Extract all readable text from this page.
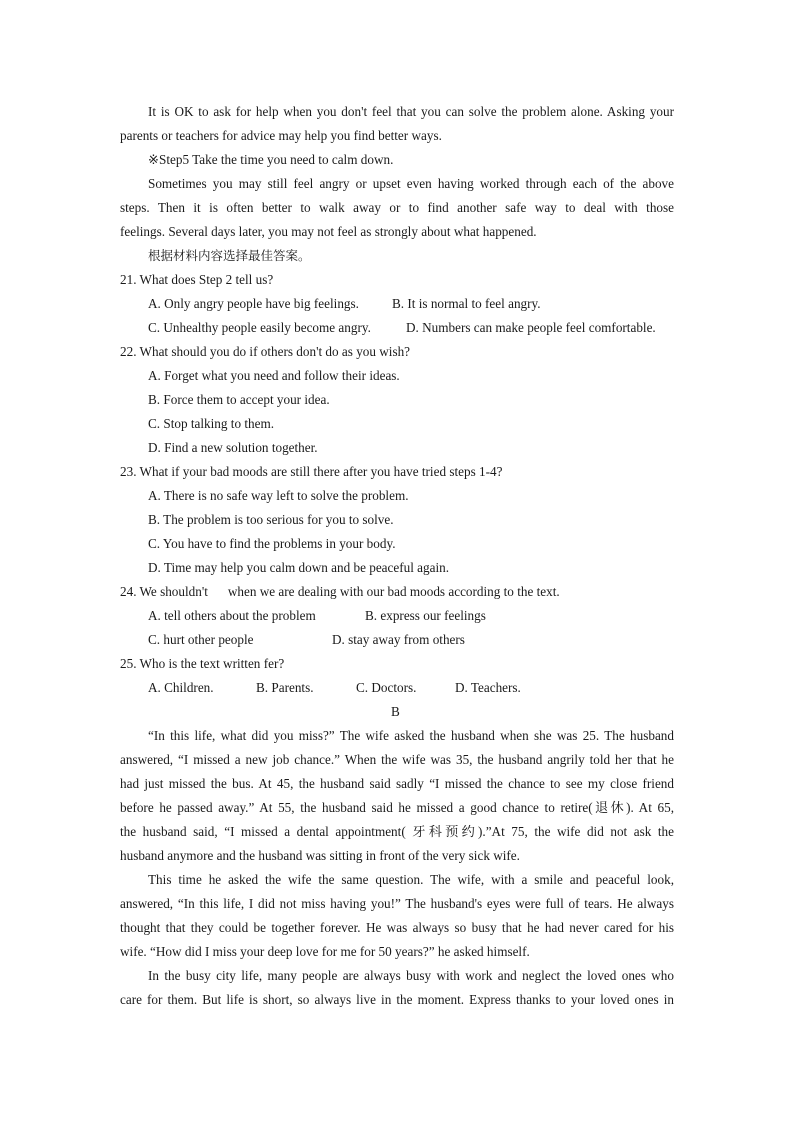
It is OK to ask for help when you don't feel that you can solve the problem alone. Asking your
parents or teachers for advice may help you find better ways.
※Step5 Take the time you need to calm down.
Sometimes you may still feel angry or upset even having worked through each of the above
steps. Then it is often better to walk away or to find another safe way to deal with those
feelings. Several days later, you may not feel as strongly about what happened.
根据材料内容选择最佳答案。
21. What does Step 2 tell us?
A. Only angry people have big feelings.	B. It is normal to feel angry.
C. Unhealthy people easily become angry.	D. Numbers can make people feel comfortable.
22. What should you do if others don't do as you wish?
A. Forget what you need and follow their ideas.
B. Force them to accept your idea.
C. Stop talking to them.
D. Find a new solution together.
23. What if your bad moods are still there after you have tried steps 1-4?
A. There is no safe way left to solve the problem.
B. The problem is too serious for you to solve.
C. You have to find the problems in your body.
D. Time may help you calm down and be peaceful again.
24. We shouldn't when we are dealing with our bad moods according to the text.
A. tell others about the problem	B. express our feelings
C. hurt other people	D. stay away from others
25. Who is the text written fer?
A. Children.	B. Parents.	C. Doctors.	D. Teachers.
B
“In this life, what did you miss?” The wife asked the husband when she was 25. The husband
answered, “I missed a new job chance.” When the wife was 35, the husband angrily told her that he
had just missed the bus. At 45, the husband said sadly “I missed the chance to see my close friend
before he passed away.” At 55, the husband said he missed a good chance to retire(退休). At 65,
the husband said, “I missed a dental appointment( 牙科预约).”At 75, the wife did not ask the
husband anymore and the husband was sitting in front of the very sick wife.
This time he asked the wife the same question. The wife, with a smile and peaceful look,
answered, “In this life, I did not miss having you!” The husband's eyes were full of tears. He always
thought that they could be together forever. He was always so busy that he had never cared for his
wife. “How did I miss your deep love for me for 50 years?” he asked himself.
In the busy city life, many people are always busy with work and neglect the loved ones who
care for them. But life is short, so always live in the moment. Express thanks to your loved ones in
